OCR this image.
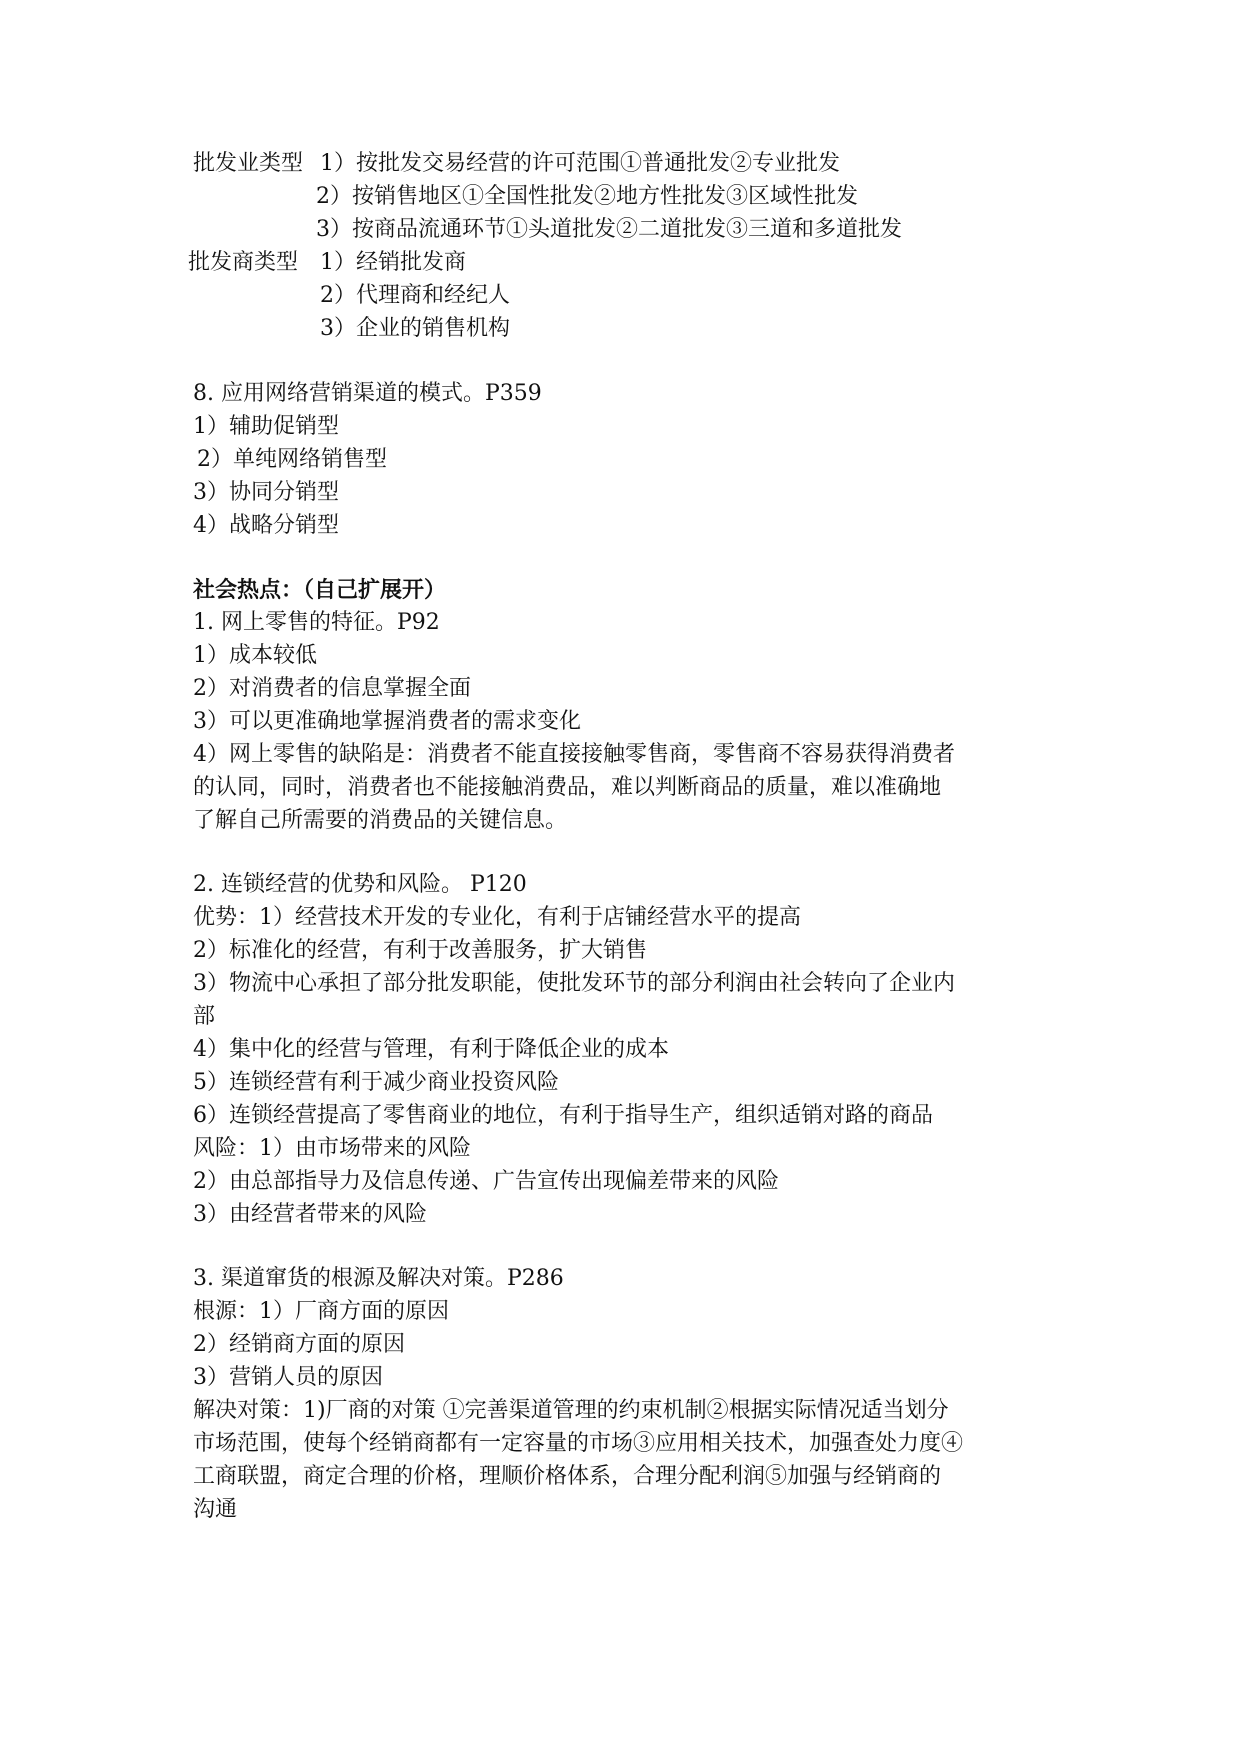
批发业类型 1）按批发交易经营的许可范围①普通批发②专业批发
2）按销售地区①全国性批发②地方性批发③区域性批发
3）按商品流通环节①头道批发②二道批发③三道和多道批发
批发商类型 1）经销批发商
2）代理商和经纪人
3）企业的销售机构
8. 应用网络营销渠道的模式。P359
1）辅助促销型
2）单纯网络销售型
3）协同分销型
4）战略分销型
社会热点：（自己扩展开）
1. 网上零售的特征。P92
1）成本较低
2）对消费者的信息掌握全面
3）可以更准确地掌握消费者的需求变化
4）网上零售的缺陷是：消费者不能直接接触零售商，零售商不容易获得消费者
的认同，同时，消费者也不能接触消费品，难以判断商品的质量，难以准确地
了解自己所需要的消费品的关键信息。
2. 连锁经营的优势和风险。 P120
优势：1）经营技术开发的专业化，有利于店铺经营水平的提高
2）标准化的经营，有利于改善服务，扩大销售
3）物流中心承担了部分批发职能，使批发环节的部分利润由社会转向了企业内
部
4）集中化的经营与管理，有利于降低企业的成本
5）连锁经营有利于减少商业投资风险
6）连锁经营提高了零售商业的地位，有利于指导生产，组织适销对路的商品
风险：1）由市场带来的风险
2）由总部指导力及信息传递、广告宣传出现偏差带来的风险
3）由经营者带来的风险
3. 渠道窜货的根源及解决对策。P286
根源：1）厂商方面的原因
2）经销商方面的原因
3）营销人员的原因
解决对策：1)厂商的对策 ①完善渠道管理的约束机制②根据实际情况适当划分
市场范围，使每个经销商都有一定容量的市场③应用相关技术，加强查处力度④
工商联盟，商定合理的价格，理顺价格体系，合理分配利润⑤加强与经销商的
沟通
